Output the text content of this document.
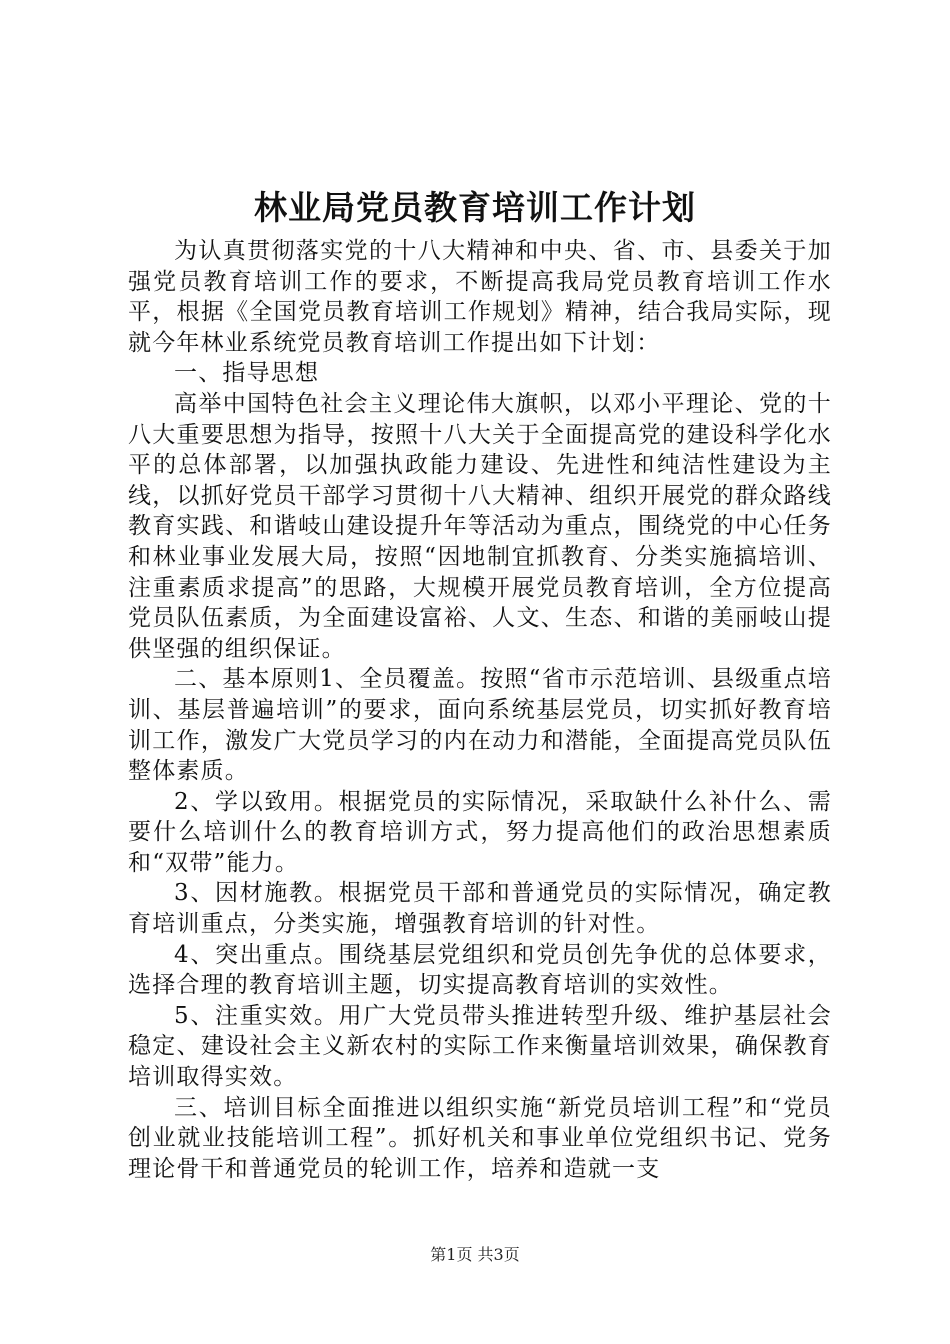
林业局党员教育培训工作计划

为认真贯彻落实党的十八大精神和中央、省、市、县委关于加强党员教育培训工作的要求，不断提高我局党员教育培训工作水平，根据《全国党员教育培训工作规划》精神，结合我局实际，现就今年林业系统党员教育培训工作提出如下计划：

一、指导思想

高举中国特色社会主义理论伟大旗帜，以邓小平理论、党的十八大重要思想为指导，按照十八大关于全面提高党的建设科学化水平的总体部署，以加强执政能力建设、先进性和纯洁性建设为主线，以抓好党员干部学习贯彻十八大精神、组织开展党的群众路线教育实践、和谐岐山建设提升年等活动为重点，围绕党的中心任务和林业事业发展大局，按照“因地制宜抓教育、分类实施搞培训、注重素质求提高”的思路，大规模开展党员教育培训，全方位提高党员队伍素质，为全面建设富裕、人文、生态、和谐的美丽岐山提供坚强的组织保证。

二、基本原则1、全员覆盖。按照“省市示范培训、县级重点培训、基层普遍培训”的要求，面向系统基层党员，切实抓好教育培训工作，激发广大党员学习的内在动力和潜能，全面提高党员队伍整体素质。

2、学以致用。根据党员的实际情况，采取缺什么补什么、需要什么培训什么的教育培训方式，努力提高他们的政治思想素质和“双带”能力。

3、因材施教。根据党员干部和普通党员的实际情况，确定教育培训重点，分类实施，增强教育培训的针对性。

4、突出重点。围绕基层党组织和党员创先争优的总体要求，选择合理的教育培训主题，切实提高教育培训的实效性。

5、注重实效。用广大党员带头推进转型升级、维护基层社会稳定、建设社会主义新农村的实际工作来衡量培训效果，确保教育培训取得实效。

三、培训目标全面推进以组织实施“新党员培训工程”和“党员创业就业技能培训工程”。抓好机关和事业单位党组织书记、党务理论骨干和普通党员的轮训工作，培养和造就一支

第1页 共3页
